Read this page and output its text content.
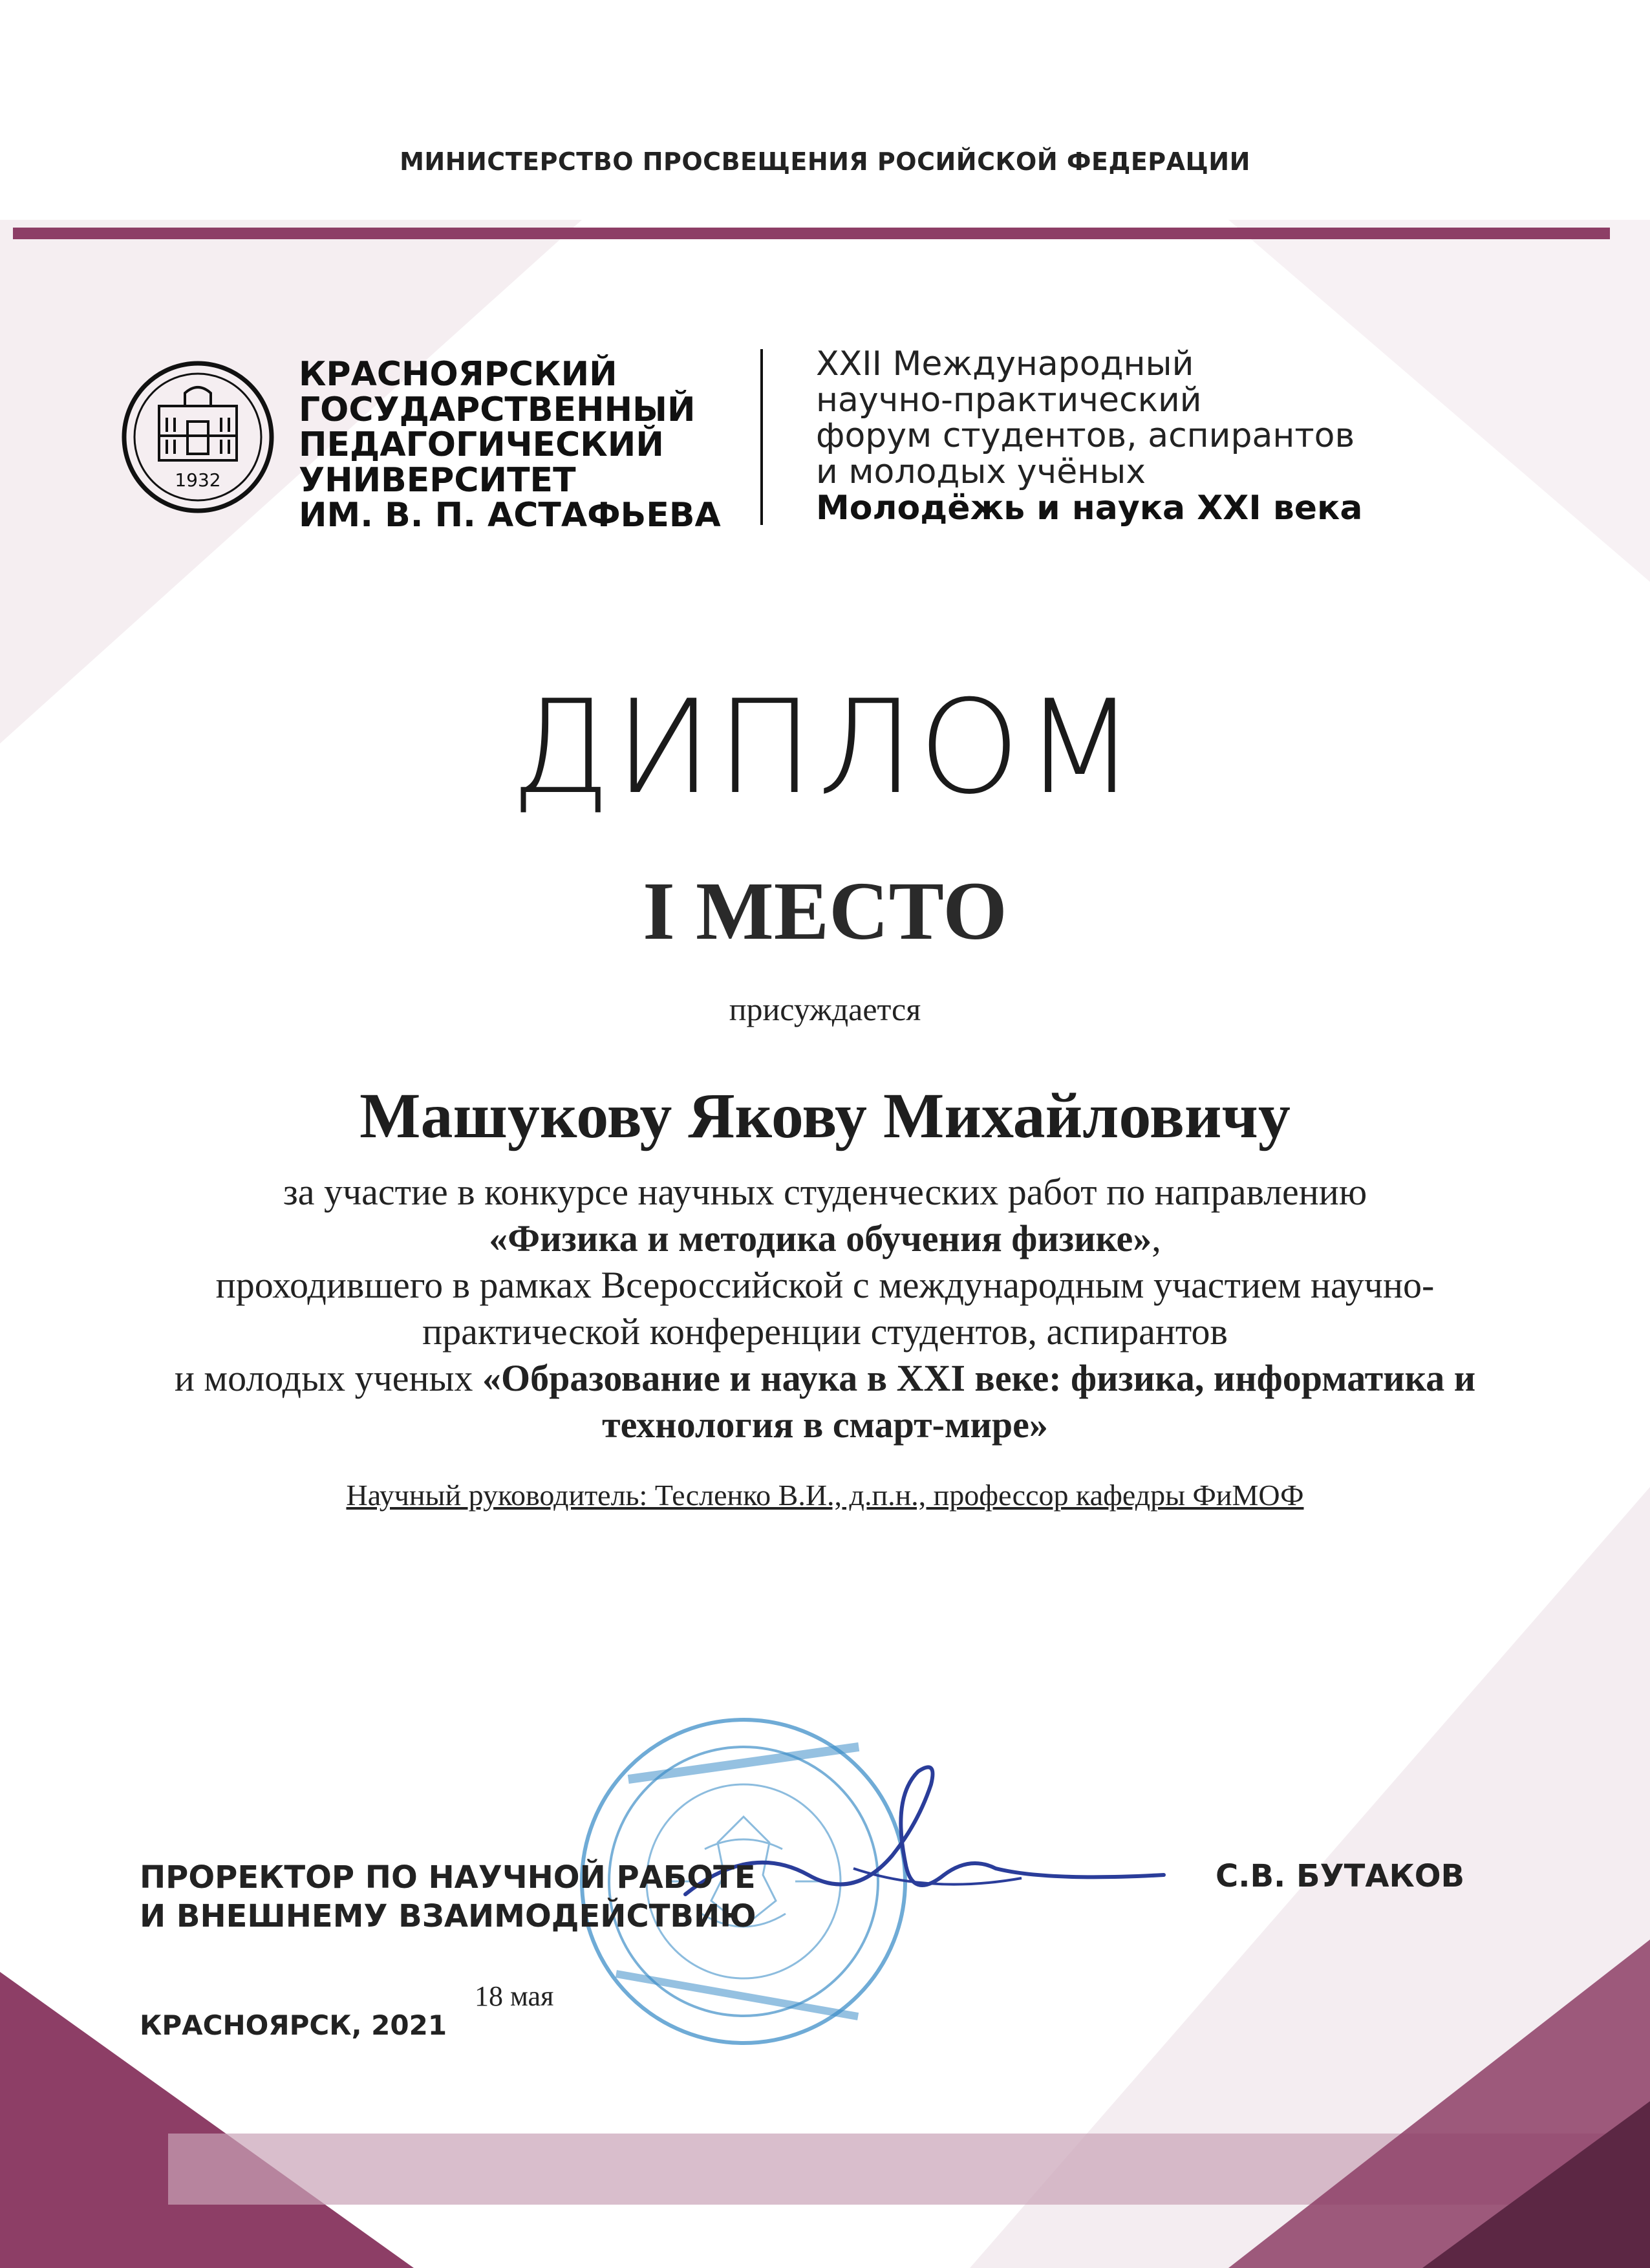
МИНИСТЕРСТВО ПРОСВЕЩЕНИЯ РОСИЙСКОЙ ФЕДЕРАЦИИ
1932
КРАСНОЯРСКИЙ
ГОСУДАРСТВЕННЫЙ
ПЕДАГОГИЧЕСКИЙ
УНИВЕРСИТЕТ
ИМ. В. П. АСТАФЬЕВА
XXII Международный
научно-практический
форум студентов, аспирантов
и молодых учёных
Молодёжь и наука XXI века
ДИПЛОМ
I МЕСТО
присуждается
Машукову Якову Михайловичу
за участие в конкурсе научных студенческих работ по направлению
«Физика и методика обучения физике»,
проходившего в рамках Всероссийской с международным участием научно-
практической конференции студентов, аспирантов
и молодых ученых «Образование и наука в XXI веке: физика, информатика и технология в смарт-мире»
Научный руководитель: Тесленко В.И., д.п.н., профессор кафедры ФиМОФ
ПРОРЕКТОР ПО НАУЧНОЙ РАБОТЕ
И ВНЕШНЕМУ ВЗАИМОДЕЙСТВИЮ
С.В. БУТАКОВ
18 мая
КРАСНОЯРСК, 2021
